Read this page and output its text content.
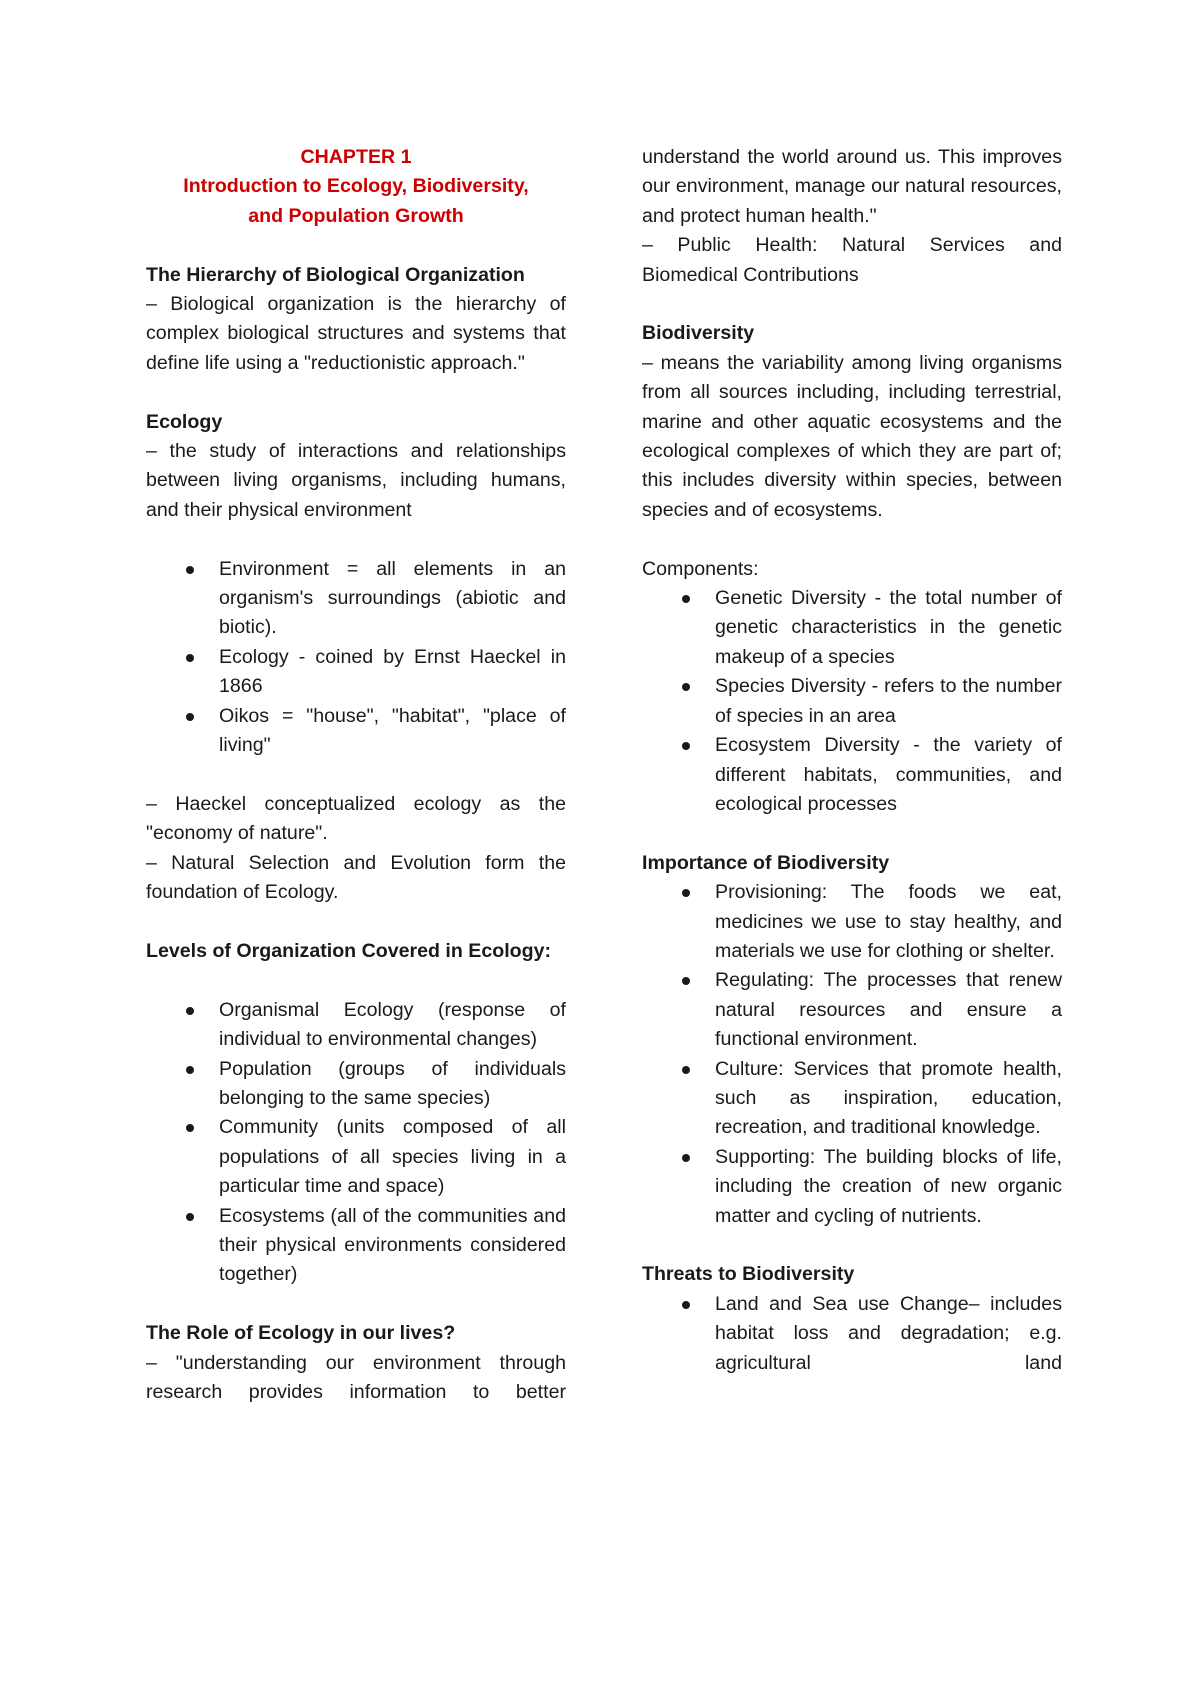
CHAPTER 1

Introduction to Ecology, Biodiversity,

and Population Growth

The Hierarchy of Biological Organization

– Biological organization is the hierarchy of complex biological structures and systems that define life using a "reductionistic approach."

Ecology

– the study of interactions and relationships between living organisms, including humans, and their physical environment

Environment = all elements in an organism's surroundings (abiotic and biotic).
Ecology - coined by Ernst Haeckel in 1866
Oikos = "house", "habitat", "place of living"

– Haeckel conceptualized ecology as the "economy of nature".

– Natural Selection and Evolution form the foundation of Ecology.

Levels of Organization Covered in Ecology:

Organismal Ecology (response of individual to environmental changes)
Population (groups of individuals belonging to the same species)
Community (units composed of all populations of all species living in a particular time and space)
Ecosystems (all of the communities and their physical environments considered together)

The Role of Ecology in our lives?

– "understanding our environment through research provides information to better

understand the world around us. This improves our environment, manage our natural resources, and protect human health."

– Public Health: Natural Services and Biomedical Contributions

Biodiversity

– means the variability among living organisms from all sources including, including terrestrial, marine and other aquatic ecosystems and the ecological complexes of which they are part of; this includes diversity within species, between species and of ecosystems.

Components:

Genetic Diversity - the total number of genetic characteristics in the genetic makeup of a species
Species Diversity - refers to the number of species in an area
Ecosystem Diversity - the variety of different habitats, communities, and ecological processes

Importance of Biodiversity

Provisioning: The foods we eat, medicines we use to stay healthy, and materials we use for clothing or shelter.
Regulating: The processes that renew natural resources and ensure a functional environment.
Culture: Services that promote health, such as inspiration, education, recreation, and traditional knowledge.
Supporting: The building blocks of life, including the creation of new organic matter and cycling of nutrients.

Threats to Biodiversity

Land and Sea use Change– includes habitat loss and degradation; e.g. agricultural land
